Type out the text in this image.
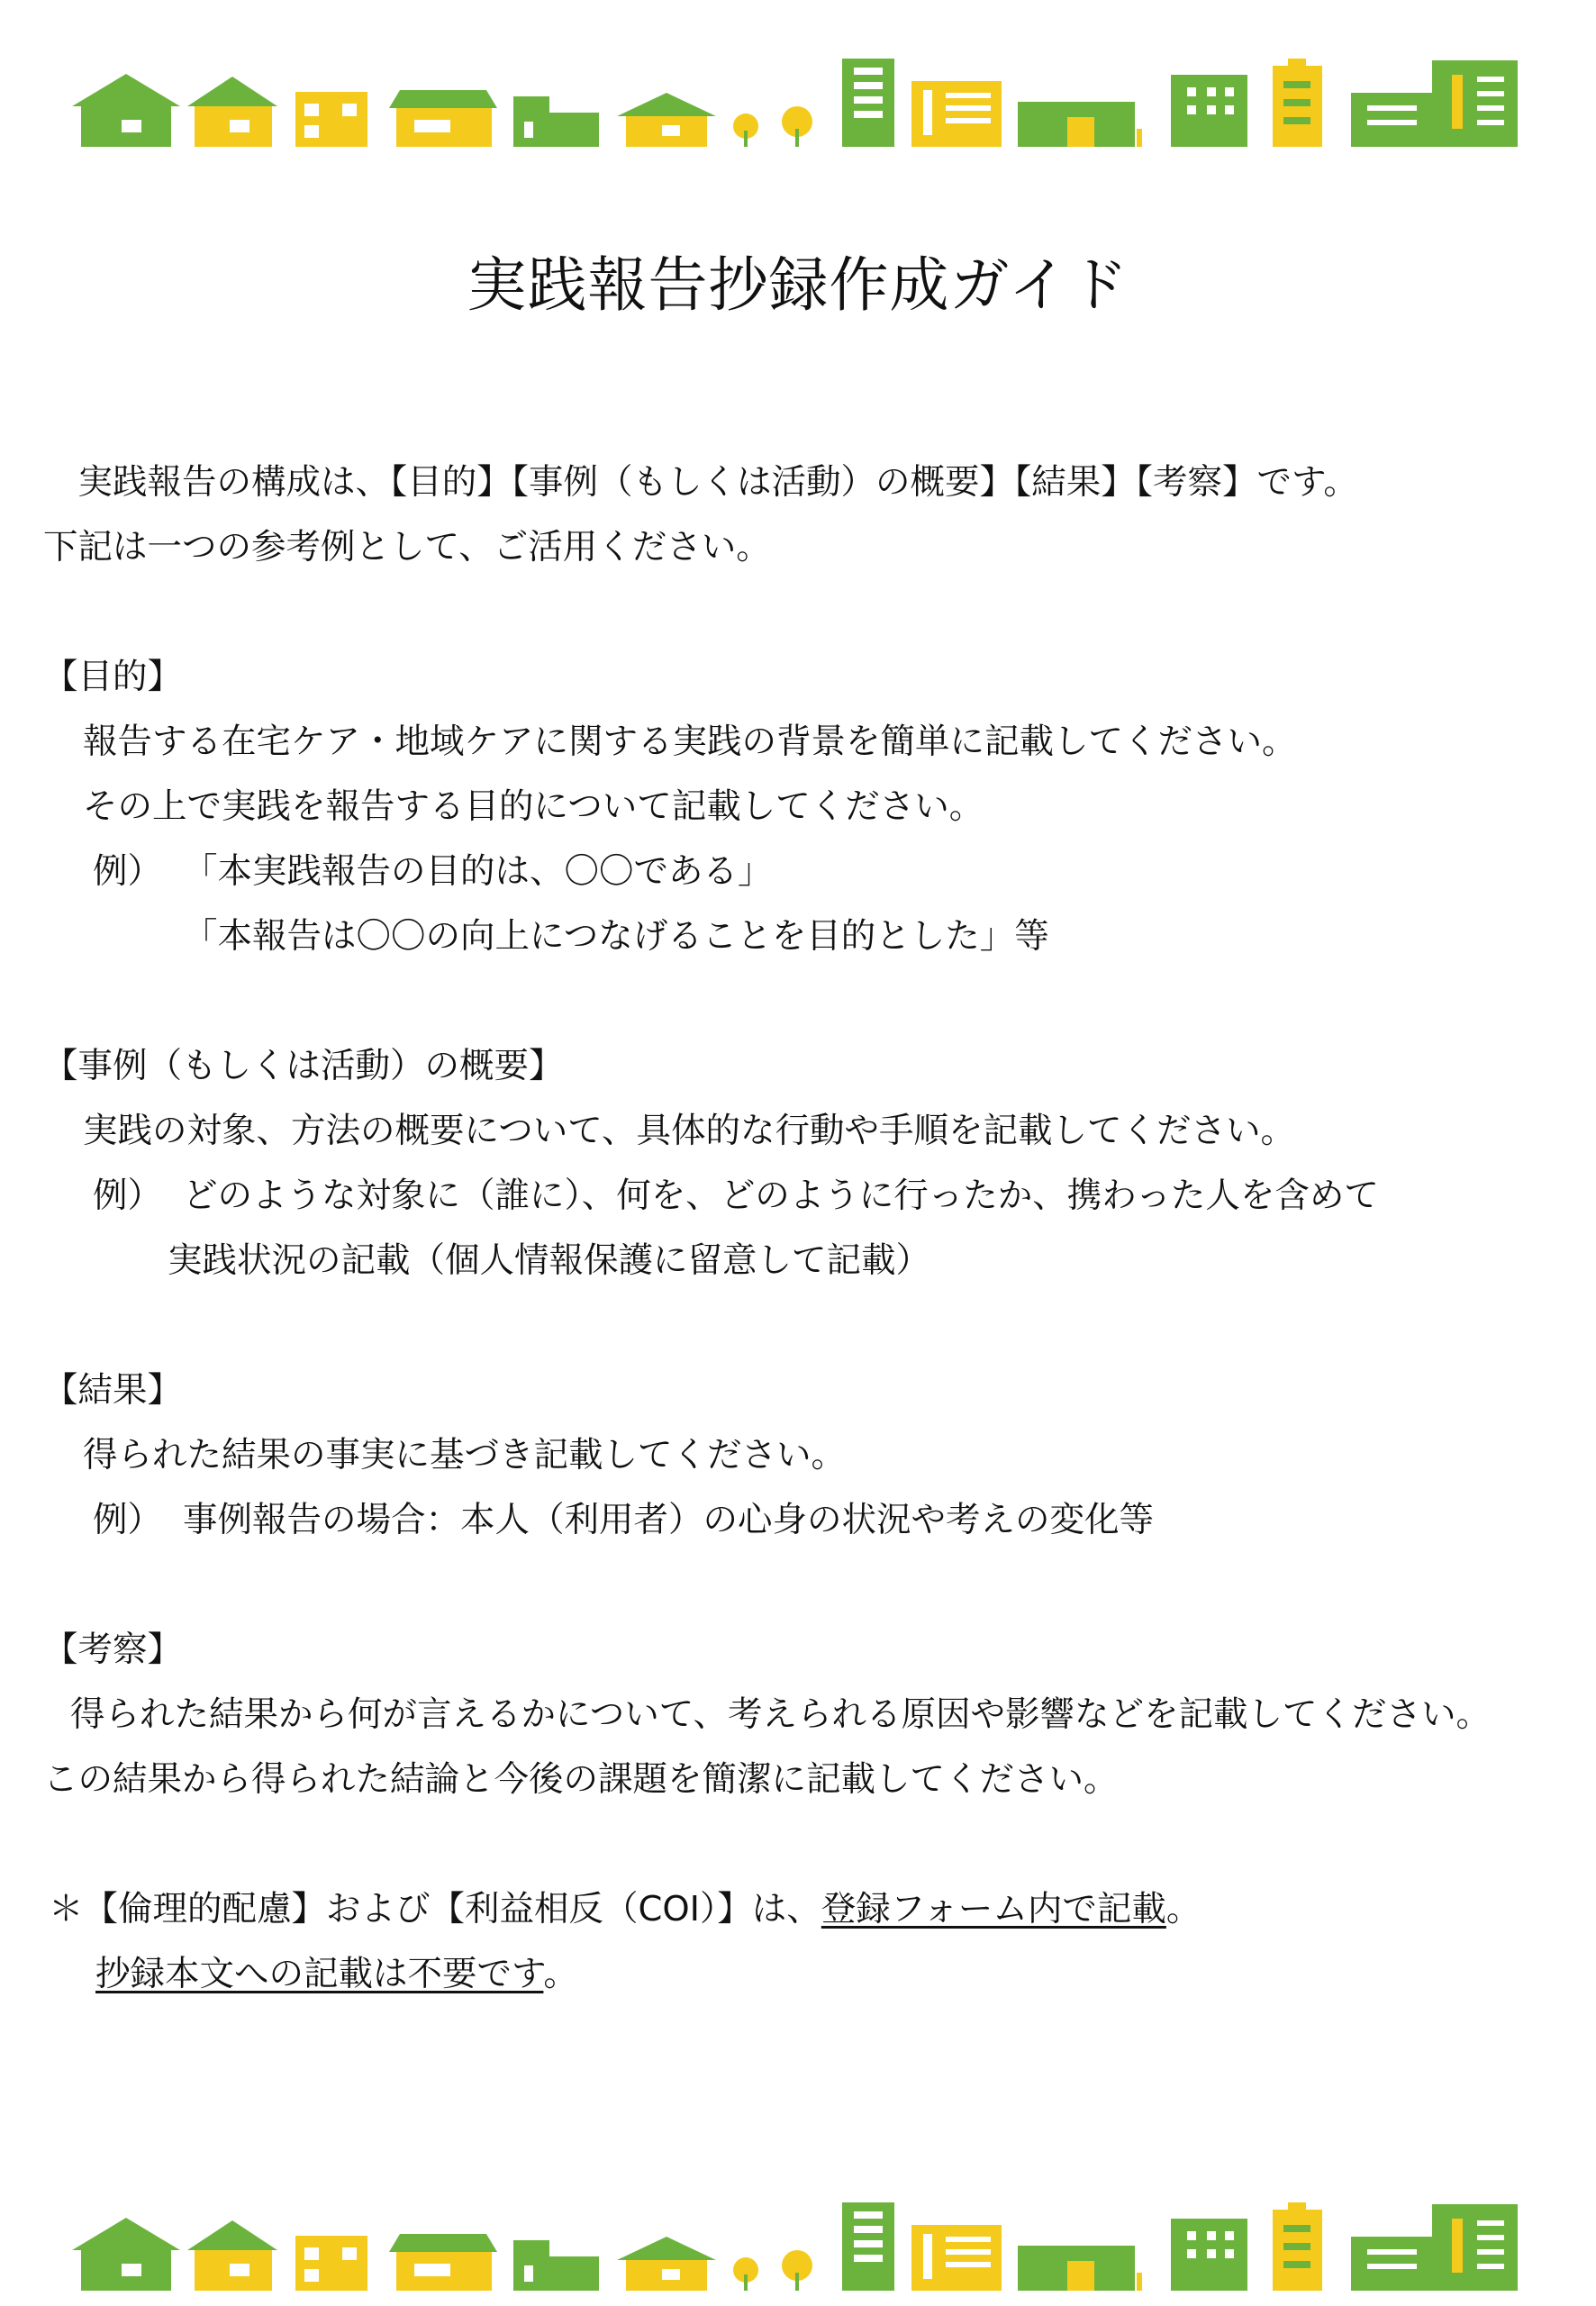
実践報告抄録作成ガイド
　実践報告の構成は、【目的】【事例（もしくは活動）の概要】【結果】【考察】です。
下記は一つの参考例として、ご活用ください。
【目的】
報告する在宅ケア・地域ケアに関する実践の背景を簡単に記載してください。
その上で実践を報告する目的について記載してください。
例） 「本実践報告の目的は、〇〇である」
「本報告は〇〇の向上につなげることを目的とした」等
【事例（もしくは活動）の概要】
実践の対象、方法の概要について、具体的な行動や手順を記載してください。
例） どのような対象に（誰に）、何を、どのように行ったか、携わった人を含めて
実践状況の記載（個人情報保護に留意して記載）
【結果】
得られた結果の事実に基づき記載してください。
例） 事例報告の場合：本人（利用者）の心身の状況や考えの変化等
【考察】
得られた結果から何が言えるかについて、考えられる原因や影響などを記載してください。
この結果から得られた結論と今後の課題を簡潔に記載してください。
＊【倫理的配慮】および【利益相反（COI）】は、登録フォーム内で記載。
抄録本文への記載は不要です。
